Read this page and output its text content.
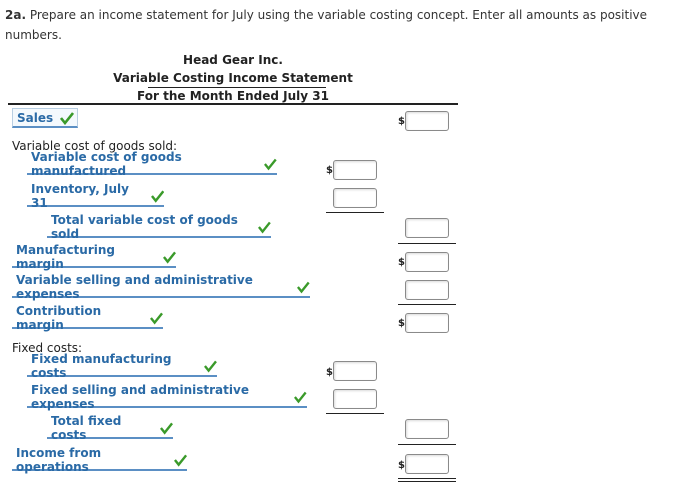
2a. Prepare an income statement for July using the variable costing concept. Enter all amounts as positive numbers.
Head Gear Inc.
Variable Costing Income Statement
For the Month Ended July 31
Sales	$
Variable cost of goods sold:
Variable cost of goods manufactured	$
Inventory, July 31
Total variable cost of goods sold
Manufacturing margin	$
Variable selling and administrative expenses
Contribution margin	$
Fixed costs:
Fixed manufacturing costs	$
Fixed selling and administrative expenses
Total fixed costs
Income from operations	$
